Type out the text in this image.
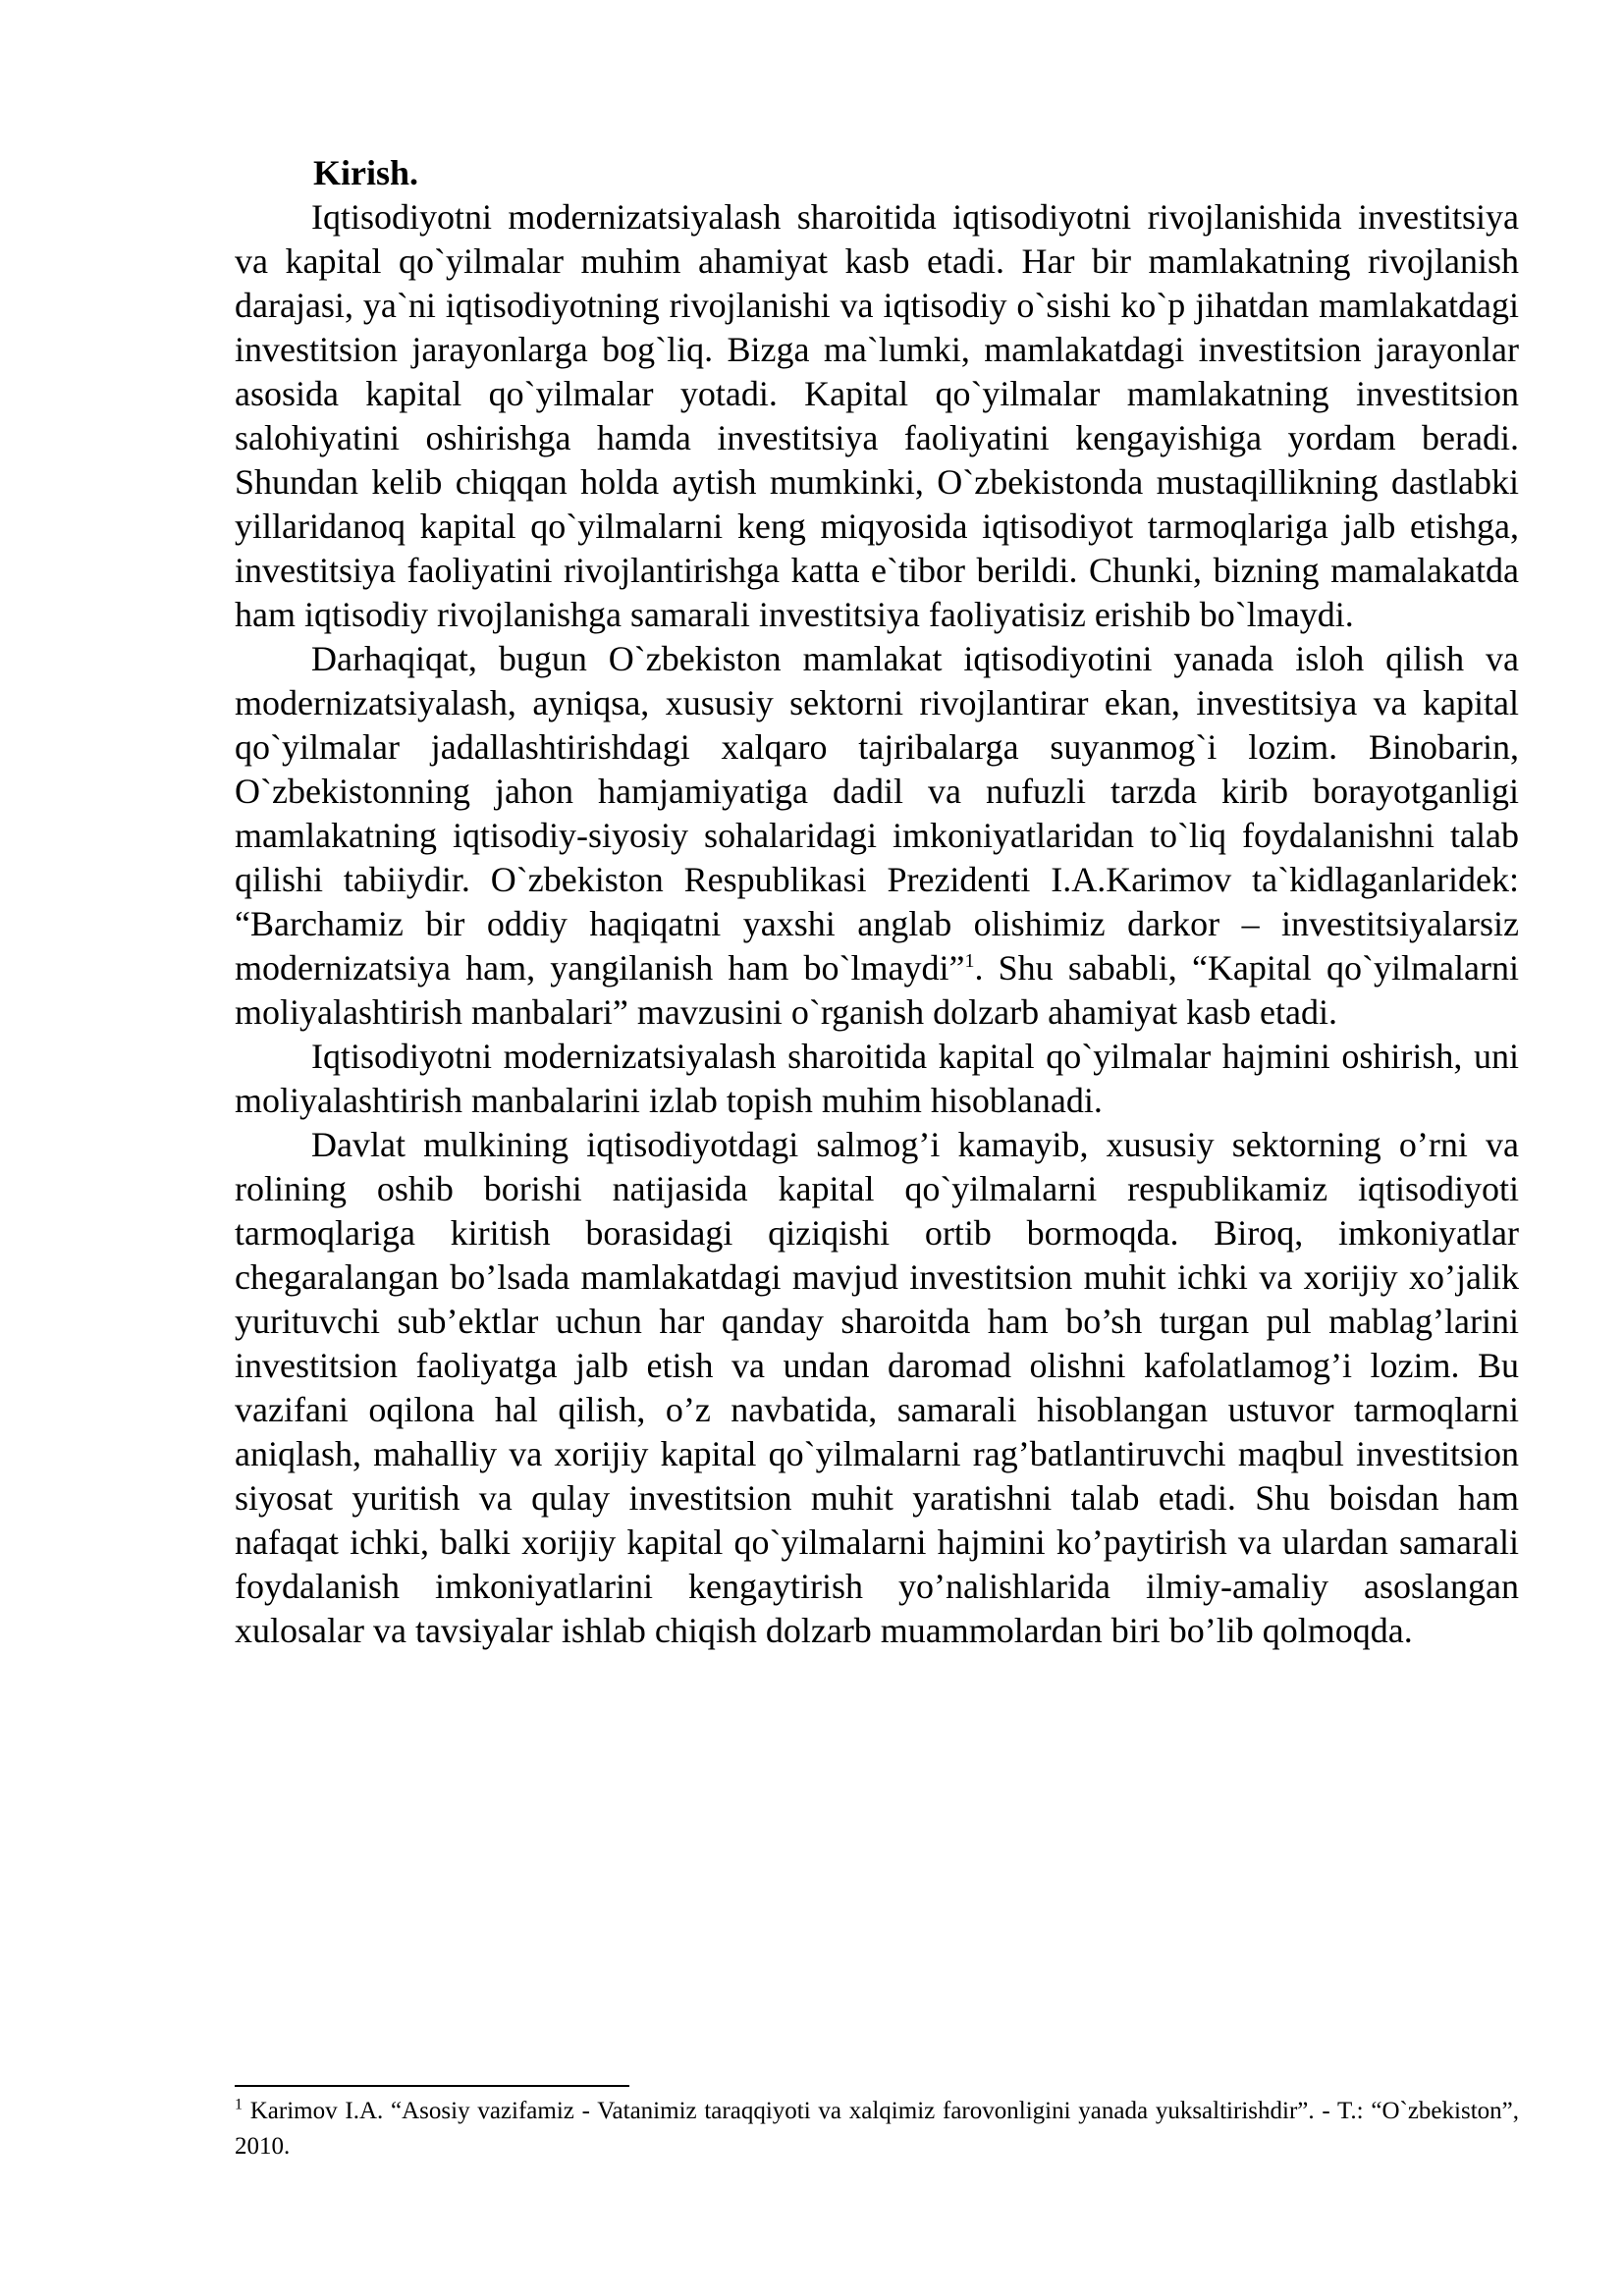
Kirish.

Iqtisodiyotni modernizatsiyalash sharoitida iqtisodiyotni rivojlanishida investitsiya va kapital qo`yilmalar muhim ahamiyat kasb etadi. Har bir mamlakatning rivojlanish darajasi, ya`ni iqtisodiyotning rivojlanishi va iqtisodiy o`sishi ko`p jihatdan mamlakatdagi investitsion jarayonlarga bog`liq. Bizga ma`lumki, mamlakatdagi investitsion jarayonlar asosida kapital qo`yilmalar yotadi. Kapital qo`yilmalar mamlakatning investitsion salohiyatini oshirishga hamda investitsiya faoliyatini kengayishiga yordam beradi. Shundan kelib chiqqan holda aytish mumkinki, O`zbekistonda mustaqillikning dastlabki yillaridanoq kapital qo`yilmalarni keng miqyosida iqtisodiyot tarmoqlariga jalb etishga, investitsiya faoliyatini rivojlantirishga katta e`tibor berildi. Chunki, bizning mamalakatda ham iqtisodiy rivojlanishga samarali investitsiya faoliyatisiz erishib bo`lmaydi.

Darhaqiqat, bugun O`zbekiston mamlakat iqtisodiyotini yanada isloh qilish va modernizatsiyalash, ayniqsa, xususiy sektorni rivojlantirar ekan, investitsiya va kapital qo`yilmalar jadallashtirishdagi xalqaro tajribalarga suyanmog`i lozim. Binobarin, O`zbekistonning jahon hamjamiyatiga dadil va nufuzli tarzda kirib borayotganligi mamlakatning iqtisodiy-siyosiy sohalaridagi imkoniyatlaridan to`liq foydalanishni talab qilishi tabiiydir. O`zbekiston Respublikasi Prezidenti I.A.Karimov ta`kidlaganlaridek: “Barchamiz bir oddiy haqiqatni yaxshi anglab olishimiz darkor – investitsiyalarsiz modernizatsiya ham, yangilanish ham bo`lmaydi”$^1$. Shu sababli, “Kapital qo`yilmalarni moliyalashtirish manbalari” mavzusini o`rganish dolzarb ahamiyat kasb etadi.

Iqtisodiyotni modernizatsiyalash sharoitida kapital qo`yilmalar hajmini oshirish, uni moliyalashtirish manbalarini izlab topish muhim hisoblanadi.

Davlat mulkining iqtisodiyotdagi salmog’i kamayib, xususiy sektorning o’rni va rolining oshib borishi natijasida kapital qo`yilmalarni respublikamiz iqtisodiyoti tarmoqlariga kiritish borasidagi qiziqishi ortib bormoqda. Biroq, imkoniyatlar chegaralangan bo’lsada mamlakatdagi mavjud investitsion muhit ichki va xorijiy xo’jalik yurituvchi sub’ektlar uchun har qanday sharoitda ham bo’sh turgan pul mablag’larini investitsion faoliyatga jalb etish va undan daromad olishni kafolatlamog’i lozim. Bu vazifani oqilona hal qilish, o’z navbatida, samarali hisoblangan ustuvor tarmoqlarni aniqlash, mahalliy va xorijiy kapital qo`yilmalarni rag’batlantiruvchi maqbul investitsion siyosat yuritish va qulay investitsion muhit yaratishni talab etadi. Shu boisdan ham nafaqat ichki, balki xorijiy kapital qo`yilmalarni hajmini ko’paytirish va ulardan samarali foydalanish imkoniyatlarini kengaytirish yo’nalishlarida ilmiy-amaliy asoslangan xulosalar va tavsiyalar ishlab chiqish dolzarb muammolardan biri bo’lib qolmoqda.

$^1$ Karimov I.A. “Asosiy vazifamiz - Vatanimiz taraqqiyoti va xalqimiz farovonligini yanada yuksaltirishdir”. - T.: “O`zbekiston”, 2010.
